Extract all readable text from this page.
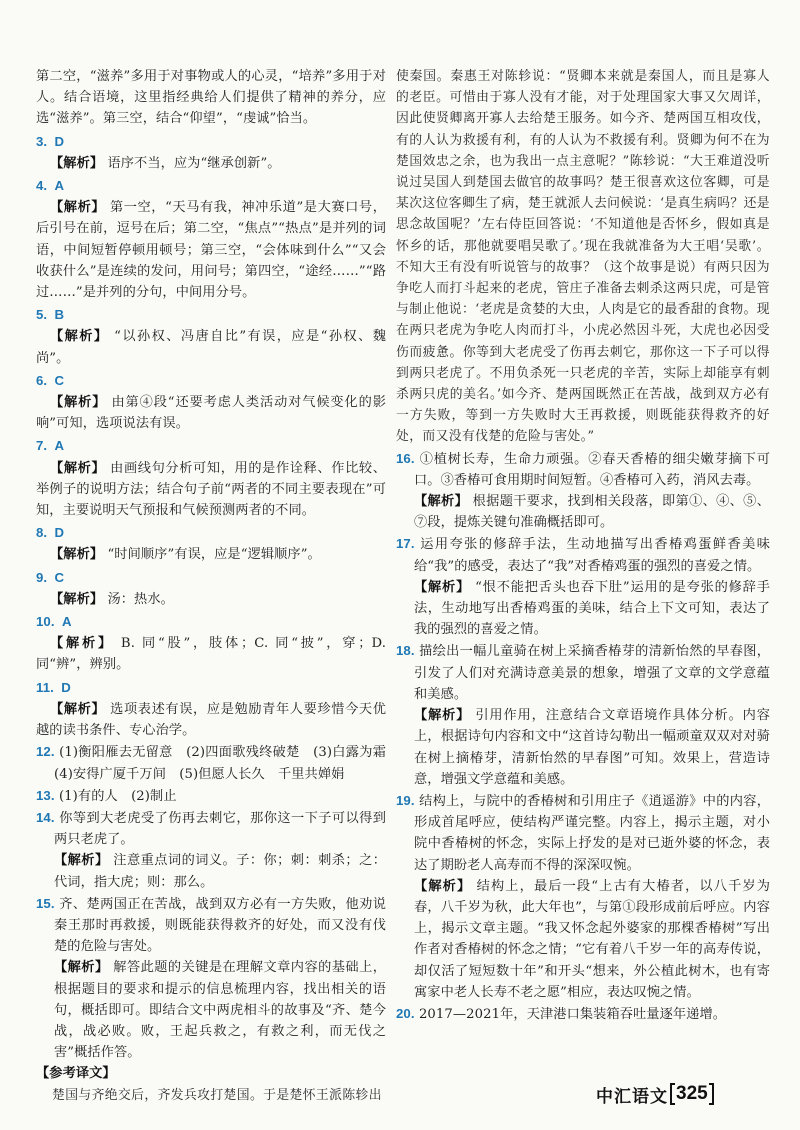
第二空，“滋养”多用于对事物或人的心灵，“培养”多用于对人。结合语境，这里指经典给人们提供了精神的养分，应选“滋养”。第三空，结合“仰望”，“虔诚”恰当。

3. D

【解析】 语序不当，应为“继承创新”。

4. A

【解析】 第一空，“天马有我，神冲乐道”是大赛口号，后引号在前，逗号在后；第二空，“焦点”“热点”是并列的词语，中间短暂停顿用顿号；第三空，“会体味到什么”“又会收获什么”是连续的发问，用问号；第四空，“途经……”“路过……”是并列的分句，中间用分号。

5. B

【解析】 “以孙权、冯唐自比”有误，应是“孙权、魏尚”。

6. C

【解析】 由第④段“还要考虑人类活动对气候变化的影响”可知，选项说法有误。

7. A

【解析】 由画线句分析可知，用的是作诠释、作比较、举例子的说明方法；结合句子前“两者的不同主要表现在”可知，主要说明天气预报和气候预测两者的不同。

8. D

【解析】 “时间顺序”有误，应是“逻辑顺序”。

9. C

【解析】 汤：热水。

10. A

【解析】 B. 同“股”，肢体；C. 同“披”，穿；D. 同“辨”，辨别。

11. D

【解析】 选项表述有误，应是勉励青年人要珍惜今天优越的读书条件、专心治学。

12. (1)衡阳雁去无留意　(2)四面歌残终破楚　(3)白露为霜　(4)安得广厦千万间　(5)但愿人长久　千里共婵娟

13. (1)有的人　(2)制止

14. 你等到大老虎受了伤再去刺它，那你这一下子可以得到两只老虎了。

【解析】 注意重点词的词义。子：你；刺：刺杀；之：代词，指大虎；则：那么。

15. 齐、楚两国正在苦战，战到双方必有一方失败，他劝说秦王那时再救援，则既能获得救齐的好处，而又没有伐楚的危险与害处。

【解析】 解答此题的关键是在理解文章内容的基础上，根据题目的要求和提示的信息梳理内容，找出相关的语句，概括即可。即结合文中两虎相斗的故事及“齐、楚今战，战必败。败，王起兵救之，有救之利，而无伐之害”概括作答。

【参考译文】

楚国与齐绝交后，齐发兵攻打楚国。于是楚怀王派陈轸出

使秦国。秦惠王对陈轸说：“贤卿本来就是秦国人，而且是寡人的老臣。可惜由于寡人没有才能，对于处理国家大事又欠周详，因此使贤卿离开寡人去给楚王服务。如今齐、楚两国互相攻伐，有的人认为救援有利，有的人认为不救援有利。贤卿为何不在为楚国效忠之余，也为我出一点主意呢？”陈轸说：“大王难道没听说过吴国人到楚国去做官的故事吗？楚王很喜欢这位客卿，可是某次这位客卿生了病，楚王就派人去问候说：‘是真生病吗？还是思念故国呢？’左右侍臣回答说：‘不知道他是否怀乡，假如真是怀乡的话，那他就要唱吴歌了。’现在我就准备为大王唱‘吴歌’。不知大王有没有听说管与的故事？（这个故事是说）有两只因为争吃人而打斗起来的老虎，管庄子准备去刺杀这两只虎，可是管与制止他说：‘老虎是贪婪的大虫，人肉是它的最香甜的食物。现在两只老虎为争吃人肉而打斗，小虎必然因斗死，大虎也必因受伤而疲惫。你等到大老虎受了伤再去刺它，那你这一下子可以得到两只老虎了。不用负杀死一只老虎的辛苦，实际上却能享有刺杀两只虎的美名。’如今齐、楚两国既然正在苦战，战到双方必有一方失败，等到一方失败时大王再救援，则既能获得救齐的好处，而又没有伐楚的危险与害处。”

16. ①植树长寿，生命力顽强。②春天香椿的细尖嫩芽摘下可口。③香椿可食用期时间短暂。④香椿可入药，消风去毒。

【解析】 根据题干要求，找到相关段落，即第①、④、⑤、⑦段，提炼关键句准确概括即可。

17. 运用夸张的修辞手法，生动地描写出香椿鸡蛋鲜香美味给“我”的感受，表达了“我”对香椿鸡蛋的强烈的喜爱之情。

【解析】 “恨不能把舌头也吞下肚”运用的是夸张的修辞手法，生动地写出香椿鸡蛋的美味，结合上下文可知，表达了我的强烈的喜爱之情。

18. 描绘出一幅儿童骑在树上采摘香椿芽的清新怡然的早春图，引发了人们对充满诗意美景的想象，增强了文章的文学意蕴和美感。

【解析】 引用作用，注意结合文章语境作具体分析。内容上，根据诗句内容和文中“这首诗勾勒出一幅顽童双双对对骑在树上摘椿芽，清新怡然的早春图”可知。效果上，营造诗意，增强文学意蕴和美感。

19. 结构上，与院中的香椿树和引用庄子《逍遥游》中的内容，形成首尾呼应，使结构严谨完整。内容上，揭示主题，对小院中香椿树的怀念，实际上抒发的是对已逝外婆的怀念，表达了期盼老人高寿而不得的深深叹惋。

【解析】 结构上，最后一段“上古有大椿者，以八千岁为春，八千岁为秋，此大年也”，与第①段形成前后呼应。内容上，揭示文章主题。“我又怀念起外婆家的那棵香椿树”写出作者对香椿树的怀念之情；“它有着八千岁一年的高寿传说，却仅活了短短数十年”和开头“想来，外公植此树木，也有寄寓家中老人长寿不老之愿”相应，表达叹惋之情。

20. 2017—2021年，天津港口集装箱吞吐量逐年递增。

中汇语文 325
